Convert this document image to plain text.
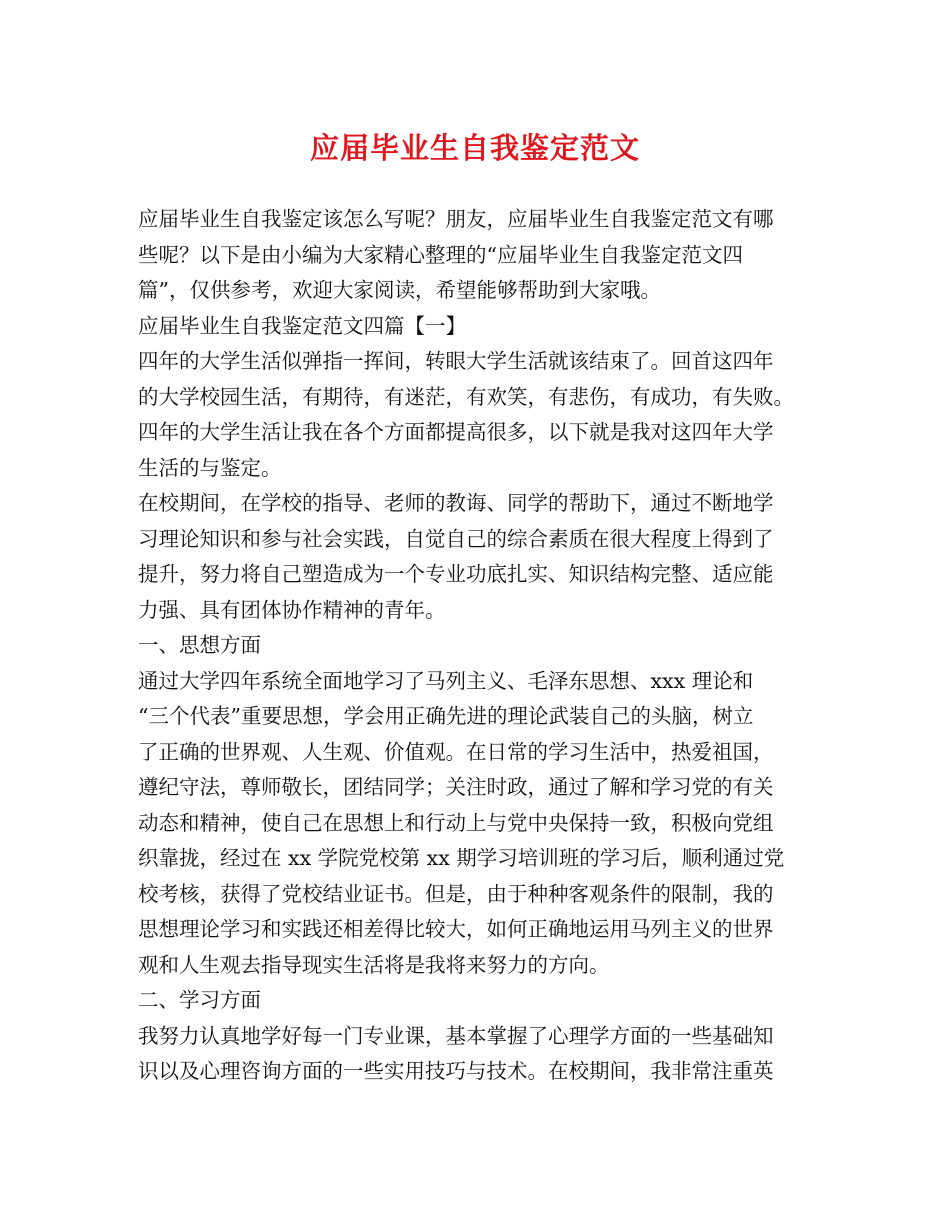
应届毕业生自我鉴定范文
应届毕业生自我鉴定该怎么写呢？朋友，应届毕业生自我鉴定范文有哪
些呢？以下是由小编为大家精心整理的“应届毕业生自我鉴定范文四
篇”，仅供参考，欢迎大家阅读，希望能够帮助到大家哦。
应届毕业生自我鉴定范文四篇【一】
四年的大学生活似弹指一挥间，转眼大学生活就该结束了。回首这四年
的大学校园生活，有期待，有迷茫，有欢笑，有悲伤，有成功，有失败。
四年的大学生活让我在各个方面都提高很多，以下就是我对这四年大学
生活的与鉴定。
在校期间，在学校的指导、老师的教诲、同学的帮助下，通过不断地学
习理论知识和参与社会实践，自觉自己的综合素质在很大程度上得到了
提升，努力将自己塑造成为一个专业功底扎实、知识结构完整、适应能
力强、具有团体协作精神的青年。
一、思想方面
通过大学四年系统全面地学习了马列主义、毛泽东思想、xxx 理论和
“三个代表”重要思想，学会用正确先进的理论武装自己的头脑，树立
了正确的世界观、人生观、价值观。在日常的学习生活中，热爱祖国，
遵纪守法，尊师敬长，团结同学；关注时政，通过了解和学习党的有关
动态和精神，使自己在思想上和行动上与党中央保持一致，积极向党组
织靠拢，经过在 xx 学院党校第 xx 期学习培训班的学习后，顺利通过党
校考核，获得了党校结业证书。但是，由于种种客观条件的限制，我的
思想理论学习和实践还相差得比较大，如何正确地运用马列主义的世界
观和人生观去指导现实生活将是我将来努力的方向。
二、学习方面
我努力认真地学好每一门专业课，基本掌握了心理学方面的一些基础知
识以及心理咨询方面的一些实用技巧与技术。在校期间，我非常注重英
